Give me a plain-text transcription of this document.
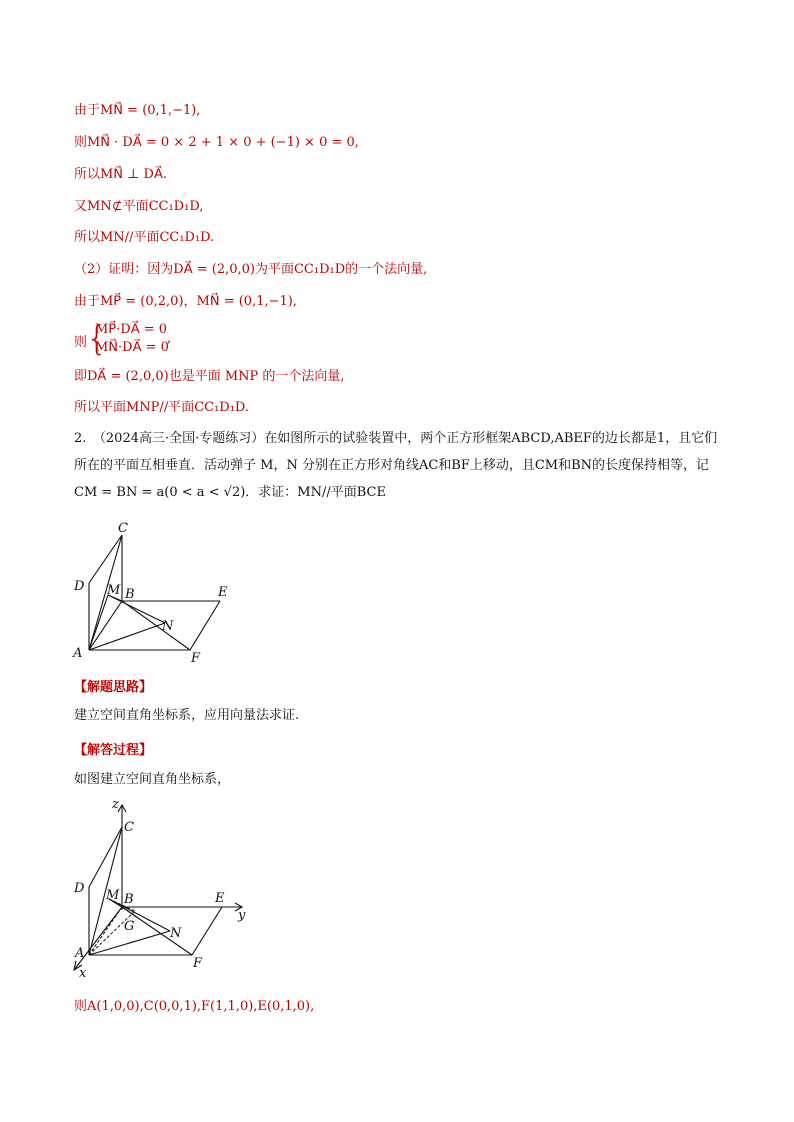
由于MN⃗ = (0,1,−1),
则MN⃗ · DA⃗ = 0 × 2 + 1 × 0 + (−1) × 0 = 0,
所以MN⃗ ⊥ DA⃗.
又MN⊄平面CC₁D₁D,
所以MN//平面CC₁D₁D.
（2）证明：因为DA⃗ = (2,0,0)为平面CC₁D₁D的一个法向量,
由于MP⃗ = (0,2,0)，MN⃗ = (0,1,−1),
则
{
MP⃗·DA⃗ = 0
MN⃗·DA⃗ = 0
,
即DA⃗ = (2,0,0)也是平面 MNP 的一个法向量,
所以平面MNP//平面CC₁D₁D.
2.　（2024高三·全国·专题练习）在如图所示的试验装置中，两个正方形框架ABCD,ABEF的边长都是1，且它们所在的平面互相垂直．活动弹子 M，N 分别在正方形对角线AC和BF上移动，且CM和BN的长度保持相等，记CM = BN = a(0 < a < √2)．求证：MN//平面BCE
C
D M B	E
N
A	F
【解题思路】
建立空间直角坐标系，应用向量法求证.
【解答过程】
如图建立空间直角坐标系，
z
C
D M B	E
y
G	N
A
x
F
则A(1,0,0),C(0,0,1),F(1,1,0),E(0,1,0),
